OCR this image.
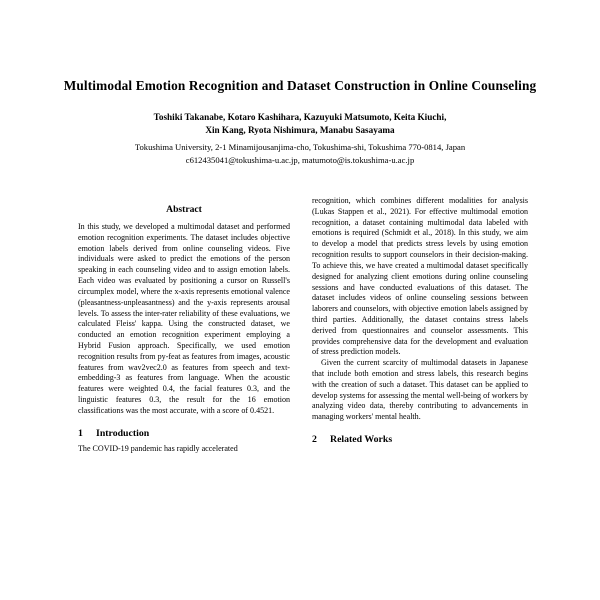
Multimodal Emotion Recognition and Dataset Construction in Online Counseling
Toshiki Takanabe, Kotaro Kashihara, Kazuyuki Matsumoto, Keita Kiuchi,
Xin Kang, Ryota Nishimura, Manabu Sasayama
Tokushima University, 2-1 Minamijousanjima-cho, Tokushima-shi, Tokushima 770-0814, Japan
c612435041@tokushima-u.ac.jp, matumoto@is.tokushima-u.ac.jp
Abstract

In this study, we developed a multimodal dataset and performed emotion recognition experiments. The dataset includes objective emotion labels derived from online counseling videos. Five individuals were asked to predict the emotions of the person speaking in each counseling video and to assign emotion labels. Each video was evaluated by positioning a cursor on Russell's circumplex model, where the x-axis represents emotional valence (pleasantness-unpleasantness) and the y-axis represents arousal levels. To assess the inter-rater reliability of these evaluations, we calculated Fleiss' kappa. Using the constructed dataset, we conducted an emotion recognition experiment employing a Hybrid Fusion approach. Specifically, we used emotion recognition results from py-feat as features from images, acoustic features from wav2vec2.0 as features from speech and text-embedding-3 as features from language. When the acoustic features were weighted 0.4, the facial features 0.3, and the linguistic features 0.3, the result for the 16 emotion classifications was the most accurate, with a score of 0.4521.

1	Introduction

The COVID-19 pandemic has rapidly accelerated

recognition, which combines different modalities for analysis (Lukas Stappen et al., 2021). For effective multimodal emotion recognition, a dataset containing multimodal data labeled with emotions is required (Schmidt et al., 2018). In this study, we aim to develop a model that predicts stress levels by using emotion recognition results to support counselors in their decision-making. To achieve this, we have created a multimodal dataset specifically designed for analyzing client emotions during online counseling sessions and have conducted evaluations of this dataset. The dataset includes videos of online counseling sessions between laborers and counselors, with objective emotion labels assigned by third parties. Additionally, the dataset contains stress labels derived from questionnaires and counselor assessments. This provides comprehensive data for the development and evaluation of stress prediction models.

Given the current scarcity of multimodal datasets in Japanese that include both emotion and stress labels, this research begins with the creation of such a dataset. This dataset can be applied to develop systems for assessing the mental well-being of workers by analyzing video data, thereby contributing to advancements in managing workers' mental health.

2	Related Works
